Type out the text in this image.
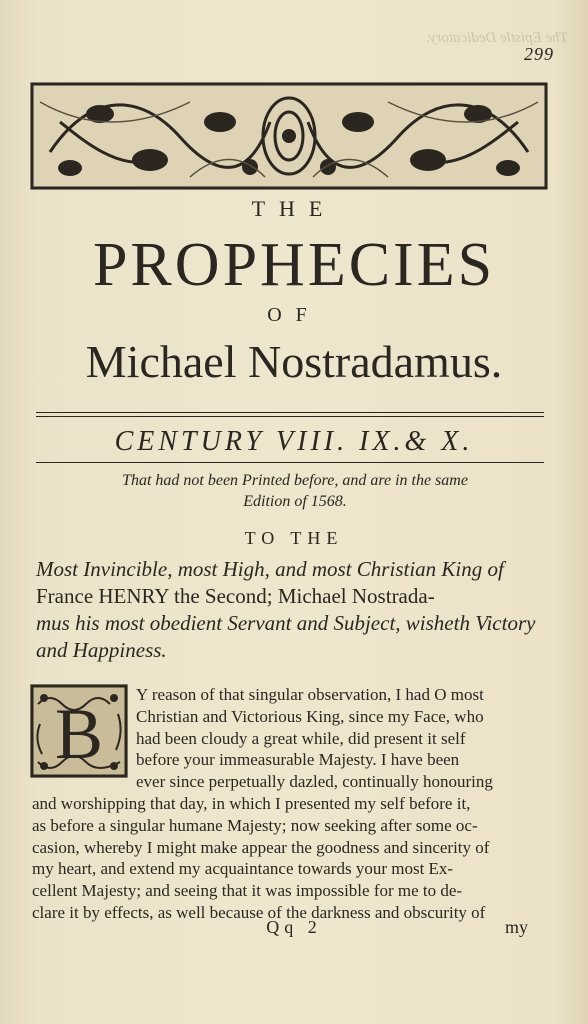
The Epistle Dedicatory.
299
THE
PROPHECIES
OF
Michael Nostradamus.
CENTURY VIII. IX.& X.
That had not been Printed before, and are in the same
Edition of 1568.
TO THE
Most Invincible, most High, and most Christian King of
France HENRY the Second; Michael Nostrada-
mus his most obedient Servant and Subject, wisheth Victory
and Happiness.
B	Y reason of that singular observation, I had O most
Christian and Victorious King, since my Face, who
had been cloudy a great while, did present it self
before your immeasurable Majesty. I have been
ever since perpetually dazled, continually honouring
and worshipping that day, in which I presented my self before it,
as before a singular humane Majesty; now seeking after some oc-
casion, whereby I might make appear the goodness and sincerity of
my heart, and extend my acquaintance towards your most Ex-
cellent Majesty; and seeing that it was impossible for me to de-
clare it by effects, as well because of the darkness and obscurity of
Qq 2	my
